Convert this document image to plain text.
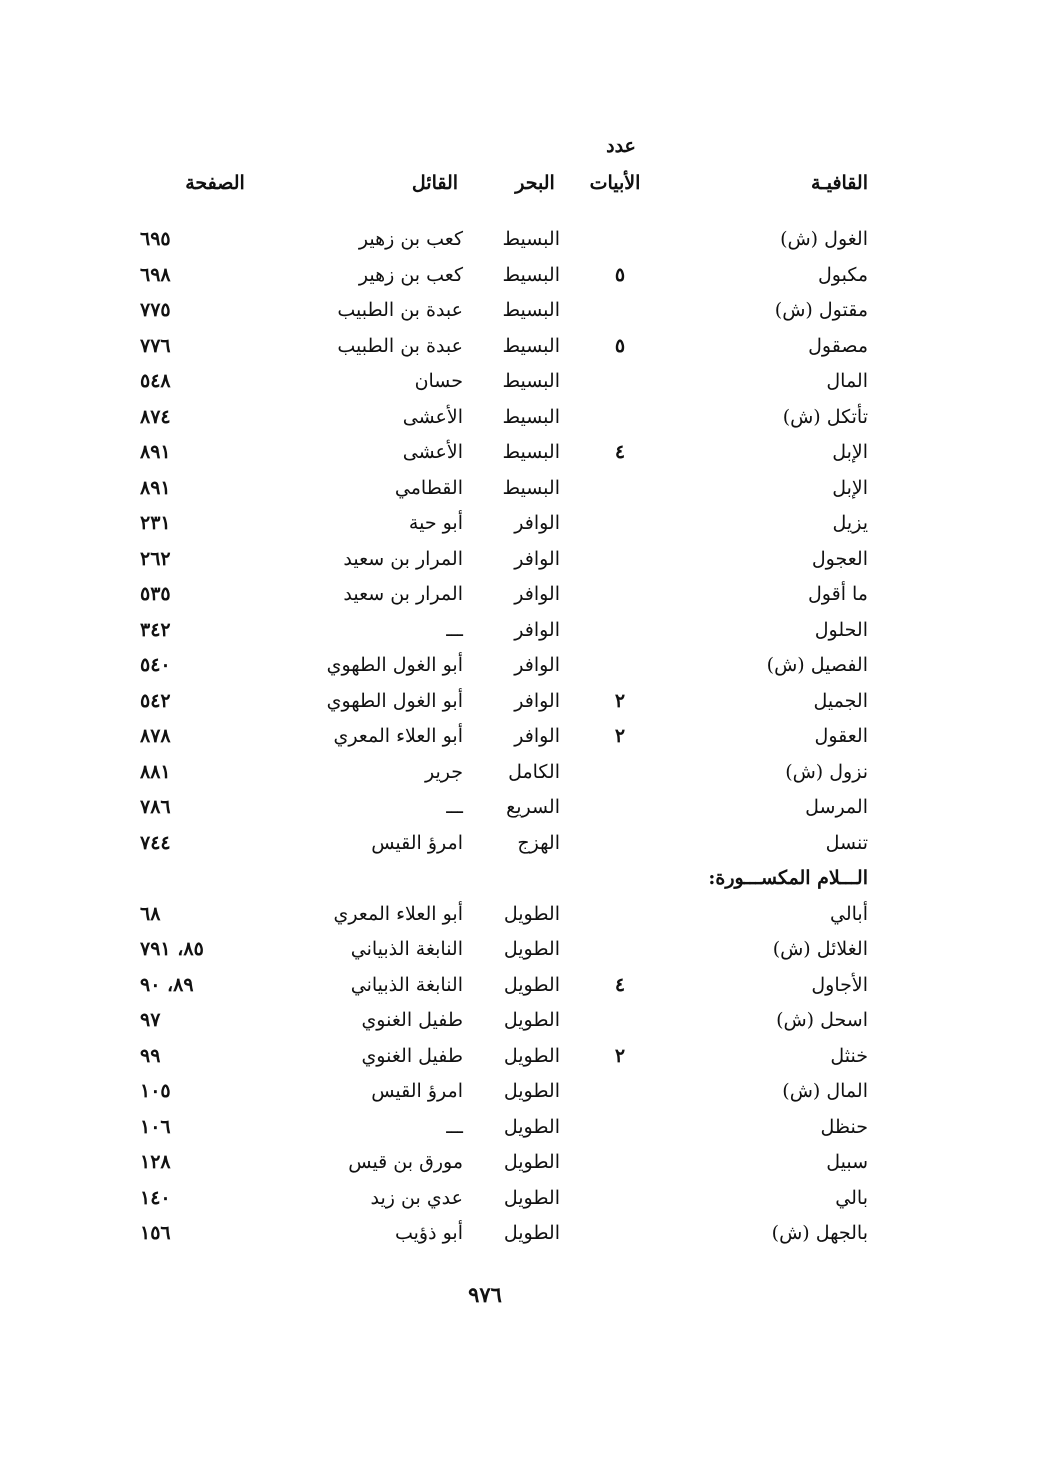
عدد
الأبيات	القافيـة
البحر
القائل
الصفحة
الغول (ش)
البسيط
كعب بن زهير
٦٩٥
مكبول
٥
البسيط
كعب بن زهير
٦٩٨
مقتول (ش)
البسيط
عبدة بن الطبيب
٧٧٥
مصقول
٥
البسيط
عبدة بن الطبيب
٧٧٦
المال
البسيط
حسان
٥٤٨
تأتكل (ش)
البسيط
الأعشى
٨٧٤
الإبل
٤
البسيط
الأعشى
٨٩١
الإبل
البسيط
القطامي
٨٩١
يزيل
الوافر
أبو حية
٢٣١
العجول
الوافر
المرار بن سعيد
٢٦٢
ما أقول
الوافر
المرار بن سعيد
٥٣٥
الحلول
الوافر
ـــ
٣٤٢
الفصيل (ش)
الوافر
أبو الغول الطهوي
٥٤٠
الجميل
٢
الوافر
أبو الغول الطهوي
٥٤٢
العقول
٢
الوافر
أبو العلاء المعري
٨٧٨
نزول (ش)
الكامل
جرير
٨٨١
المرسل
السريع
ـــ
٧٨٦
تنسل
الهزج
امرؤ القيس
٧٤٤
الـــلام المكســـورة:
أبالي
الطويل
أبو العلاء المعري
٦٨
الغلائل (ش)
الطويل
النابغة الذبياني
٨٥، ٧٩١
الأجاول
٤
الطويل
النابغة الذبياني
٨٩، ٩٠
اسحل (ش)
الطويل
طفيل الغنوي
٩٧
خنثل
٢
الطويل
طفيل الغنوي
٩٩
المال (ش)
الطويل
امرؤ القيس
١٠٥
حنظل
الطويل
ـــ
١٠٦
سبيل
الطويل
مورق بن قيس
١٢٨
بالي
الطويل
عدي بن زيد
١٤٠
بالجهل (ش)
الطويل
أبو ذؤيب
١٥٦
٩٧٦
